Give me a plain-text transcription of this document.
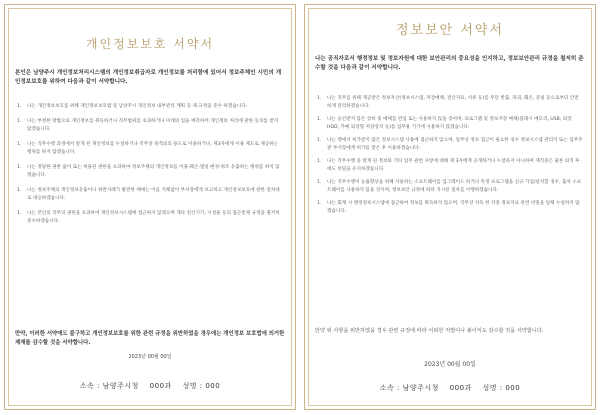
개인정보보호 서약서
본인은 남양주시 개인정보처리시스템의 개인정보취급자로 개인정보를 처리함에 있어서 정보주체인 시민의 개인정보보호를 위하여 다음과 같이 서약합니다.
1.	나는 개인정보보호를 위해 개인정보보호법 및 남양주시 개인정보 내부관리 계획 등 제 규정을 준수 하겠습니다.
1.	나는 부정한 방법으로 개인정보를 취득하거나 직무범위를 초과하거나 미래의 업을 예측하여 개인정보 처리에 관한 동의를 받지 않겠습니다.
1.	나는 직무수행 과정에서 알게 된 개인정보를 누설하거나 직무상 목적외의 용도로 이용하거나, 제3자에게 이용 제도로 제공하는 행위를 하지 않겠습니다.
1.	나는 정당한 권한 없이 또는 허용된 권한을 초과하여 정보주체의 개인정보를 이용·훼손·멸실·변경·위조 유출하는 행위를 하지 않겠습니다.
1.	나는 정보주체의 개인정보유출이나 위반사례가 발견한 때에는 이를 지체없이 부서장에게 보고하고 개인정보보호에 관한 절차대로 대응하겠습니다.
1.	나는 본인의 직무의 권한을 초과하여 개인정보시스템에 접근하지 않겠으며 개다 전산기기, 시설물 등의 접근통제 규정을 철저히 준수하겠습니다.
만약, 이러한 서약에도 불구하고 개인정보보호를 위한 관련 규정을 위반하였을 경우에는 개인정보 보호법에 의거한 제재를 감수할 것을 서약합니다.
2023년 00월 00일
소속 : 남양주시청 000과 성명 : 000
정보보안 서약서
나는 공직자로서 행정정보 및 정보자원에 대한 보안관리의 중요성을 인지하고, 정보보안관리 규정을 철저히 준수할 것을 다음과 같이 서약합니다.
1.	나는 직무를 위해 제공받은 정보자산(정보시스템, 저장매체, 전산자료, 서류 등)를 무단 반출, 파괴, 훼손, 분실 등으로부터 안전하게 관리하겠습니다.
1.	나는 승인받지 않은 장비 및 매체를 반입 또는 사용하지 않을 것이며, 프로그램 및 정보저장 매체(플래시 메모리, USB, 외장 HDD, 카메 외장형 저장장치 등)를 업무용 기기에 사용하지 않겠습니다.
1.	나는 행에서 허가받지 않은 정보시스템 사용에 접근하지 않으며, 업무상 정보 접근이 필요한 경우 정보시스템 관리자 또는 업무주관 부서장에게 허가를 받은 후 이용하겠습니다.
1.	나는 직무수행 중 알게 된 정보와 기타 업무 관련 사항에 대해 제 3자에게 공개하거나 누설하지 아니하며 재직중은 물론 퇴직 후에도 비밀을 유지하겠습니다.
1.	나는 직무수행이 능률향상을 위해 사용하는 소프트웨어를 업그레이드 하거나 특정 프로그램을 신규 가입/설치할 경우, 출처 소프트웨어를 사용하지 않을 것이며, 정보보안 규정에 따라 지시된 절차를 이행하겠습니다.
1.	나는 회계 시 행정정보시스템에 접근하여 정보를 획득하지 않으며, 직무상 지득 한 각종 정보자료 관련 비밀을 일체 누설하지 않겠습니다.
만약 위 사항을 위반하였을 경우 관련 규정에 따라 어떠한 처벌이나 불이익도 감수할 것을 서약합니다.
2023년 00월 00일
소속 : 남양주시청 000과 성명 : 000
